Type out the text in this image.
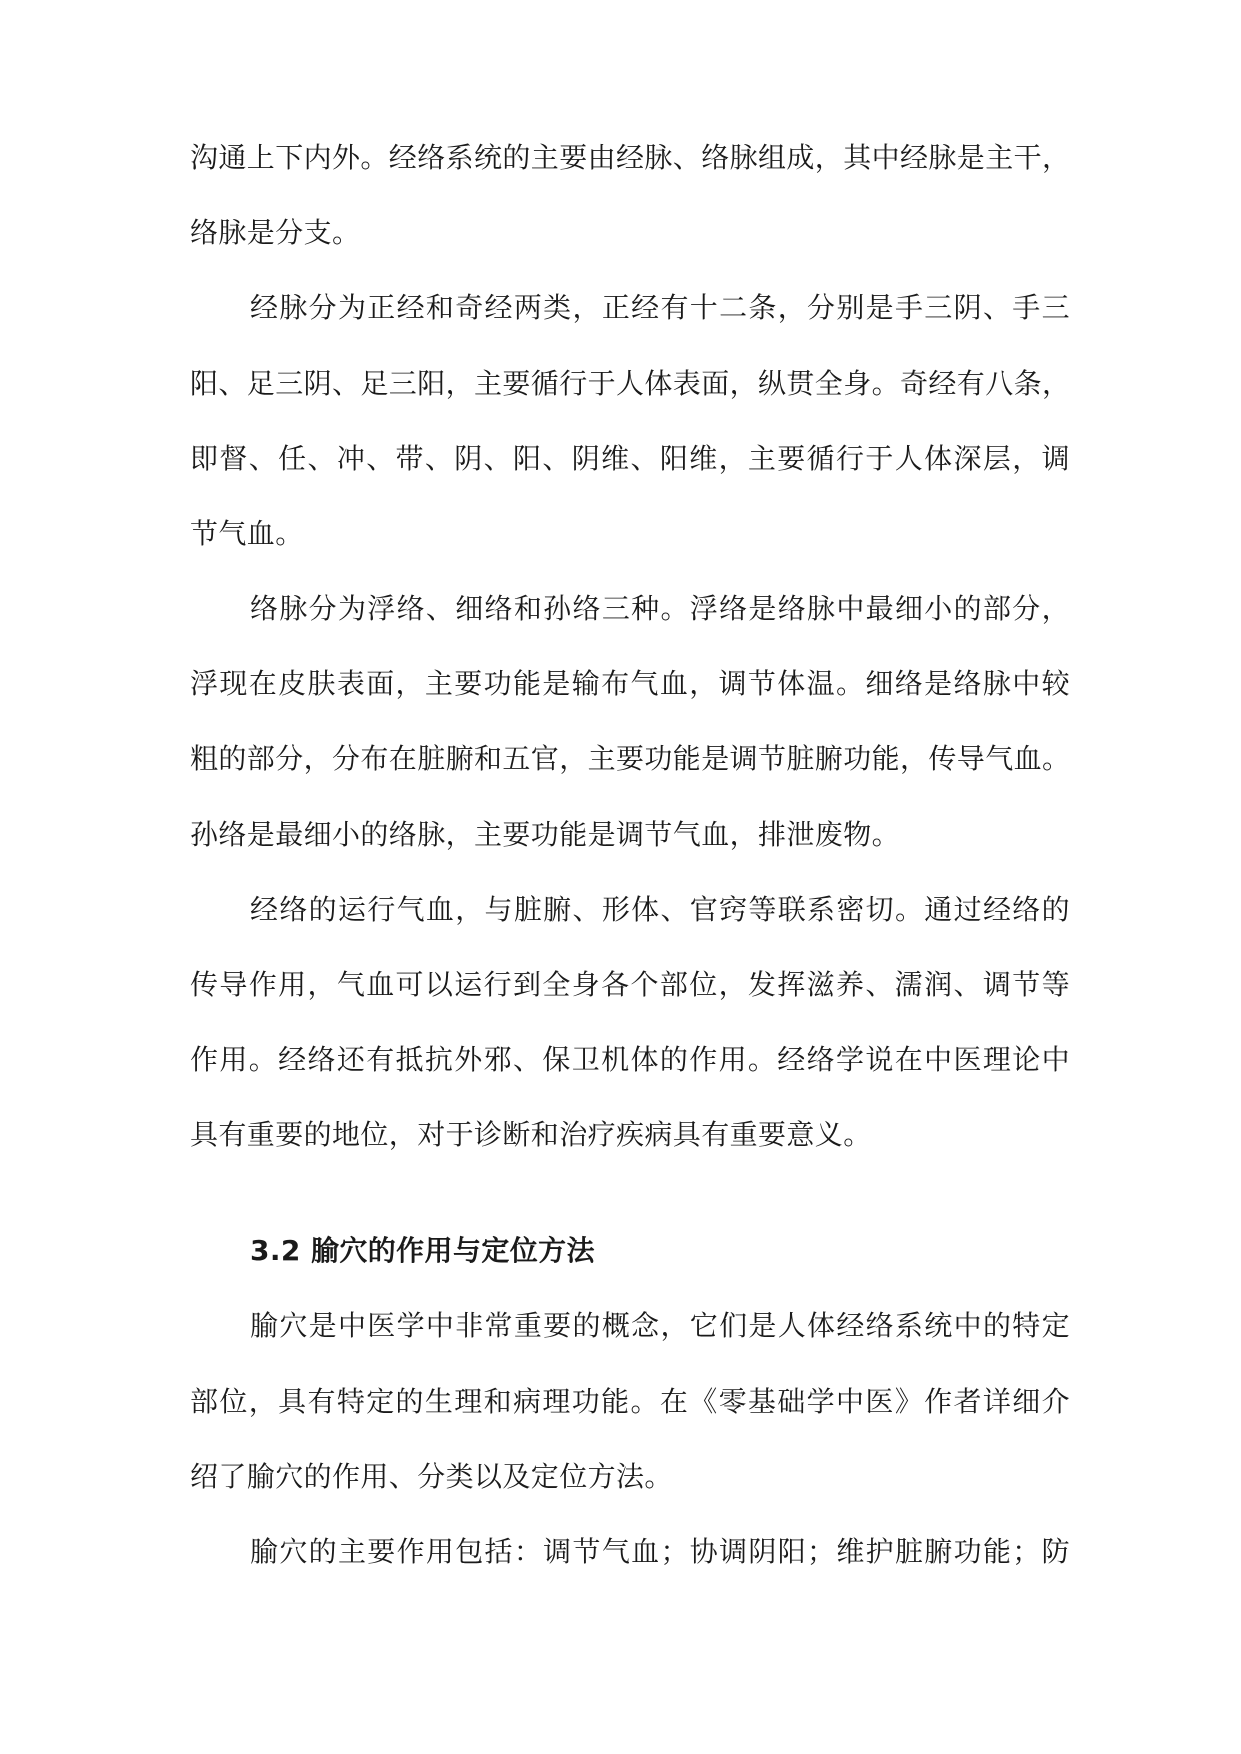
沟通上下内外。经络系统的主要由经脉、络脉组成，其中经脉是主干，
络脉是分支。
经脉分为正经和奇经两类，正经有十二条，分别是手三阴、手三
阳、足三阴、足三阳，主要循行于人体表面，纵贯全身。奇经有八条，
即督、任、冲、带、阴、阳、阴维、阳维，主要循行于人体深层，调
节气血。
络脉分为浮络、细络和孙络三种。浮络是络脉中最细小的部分，
浮现在皮肤表面，主要功能是输布气血，调节体温。细络是络脉中较
粗的部分，分布在脏腑和五官，主要功能是调节脏腑功能，传导气血。
孙络是最细小的络脉，主要功能是调节气血，排泄废物。
经络的运行气血，与脏腑、形体、官窍等联系密切。通过经络的
传导作用，气血可以运行到全身各个部位，发挥滋养、濡润、调节等
作用。经络还有抵抗外邪、保卫机体的作用。经络学说在中医理论中
具有重要的地位，对于诊断和治疗疾病具有重要意义。
3.2 腧穴的作用与定位方法
腧穴是中医学中非常重要的概念，它们是人体经络系统中的特定
部位，具有特定的生理和病理功能。在《零基础学中医》作者详细介
绍了腧穴的作用、分类以及定位方法。
腧穴的主要作用包括：调节气血；协调阴阳；维护脏腑功能；防
